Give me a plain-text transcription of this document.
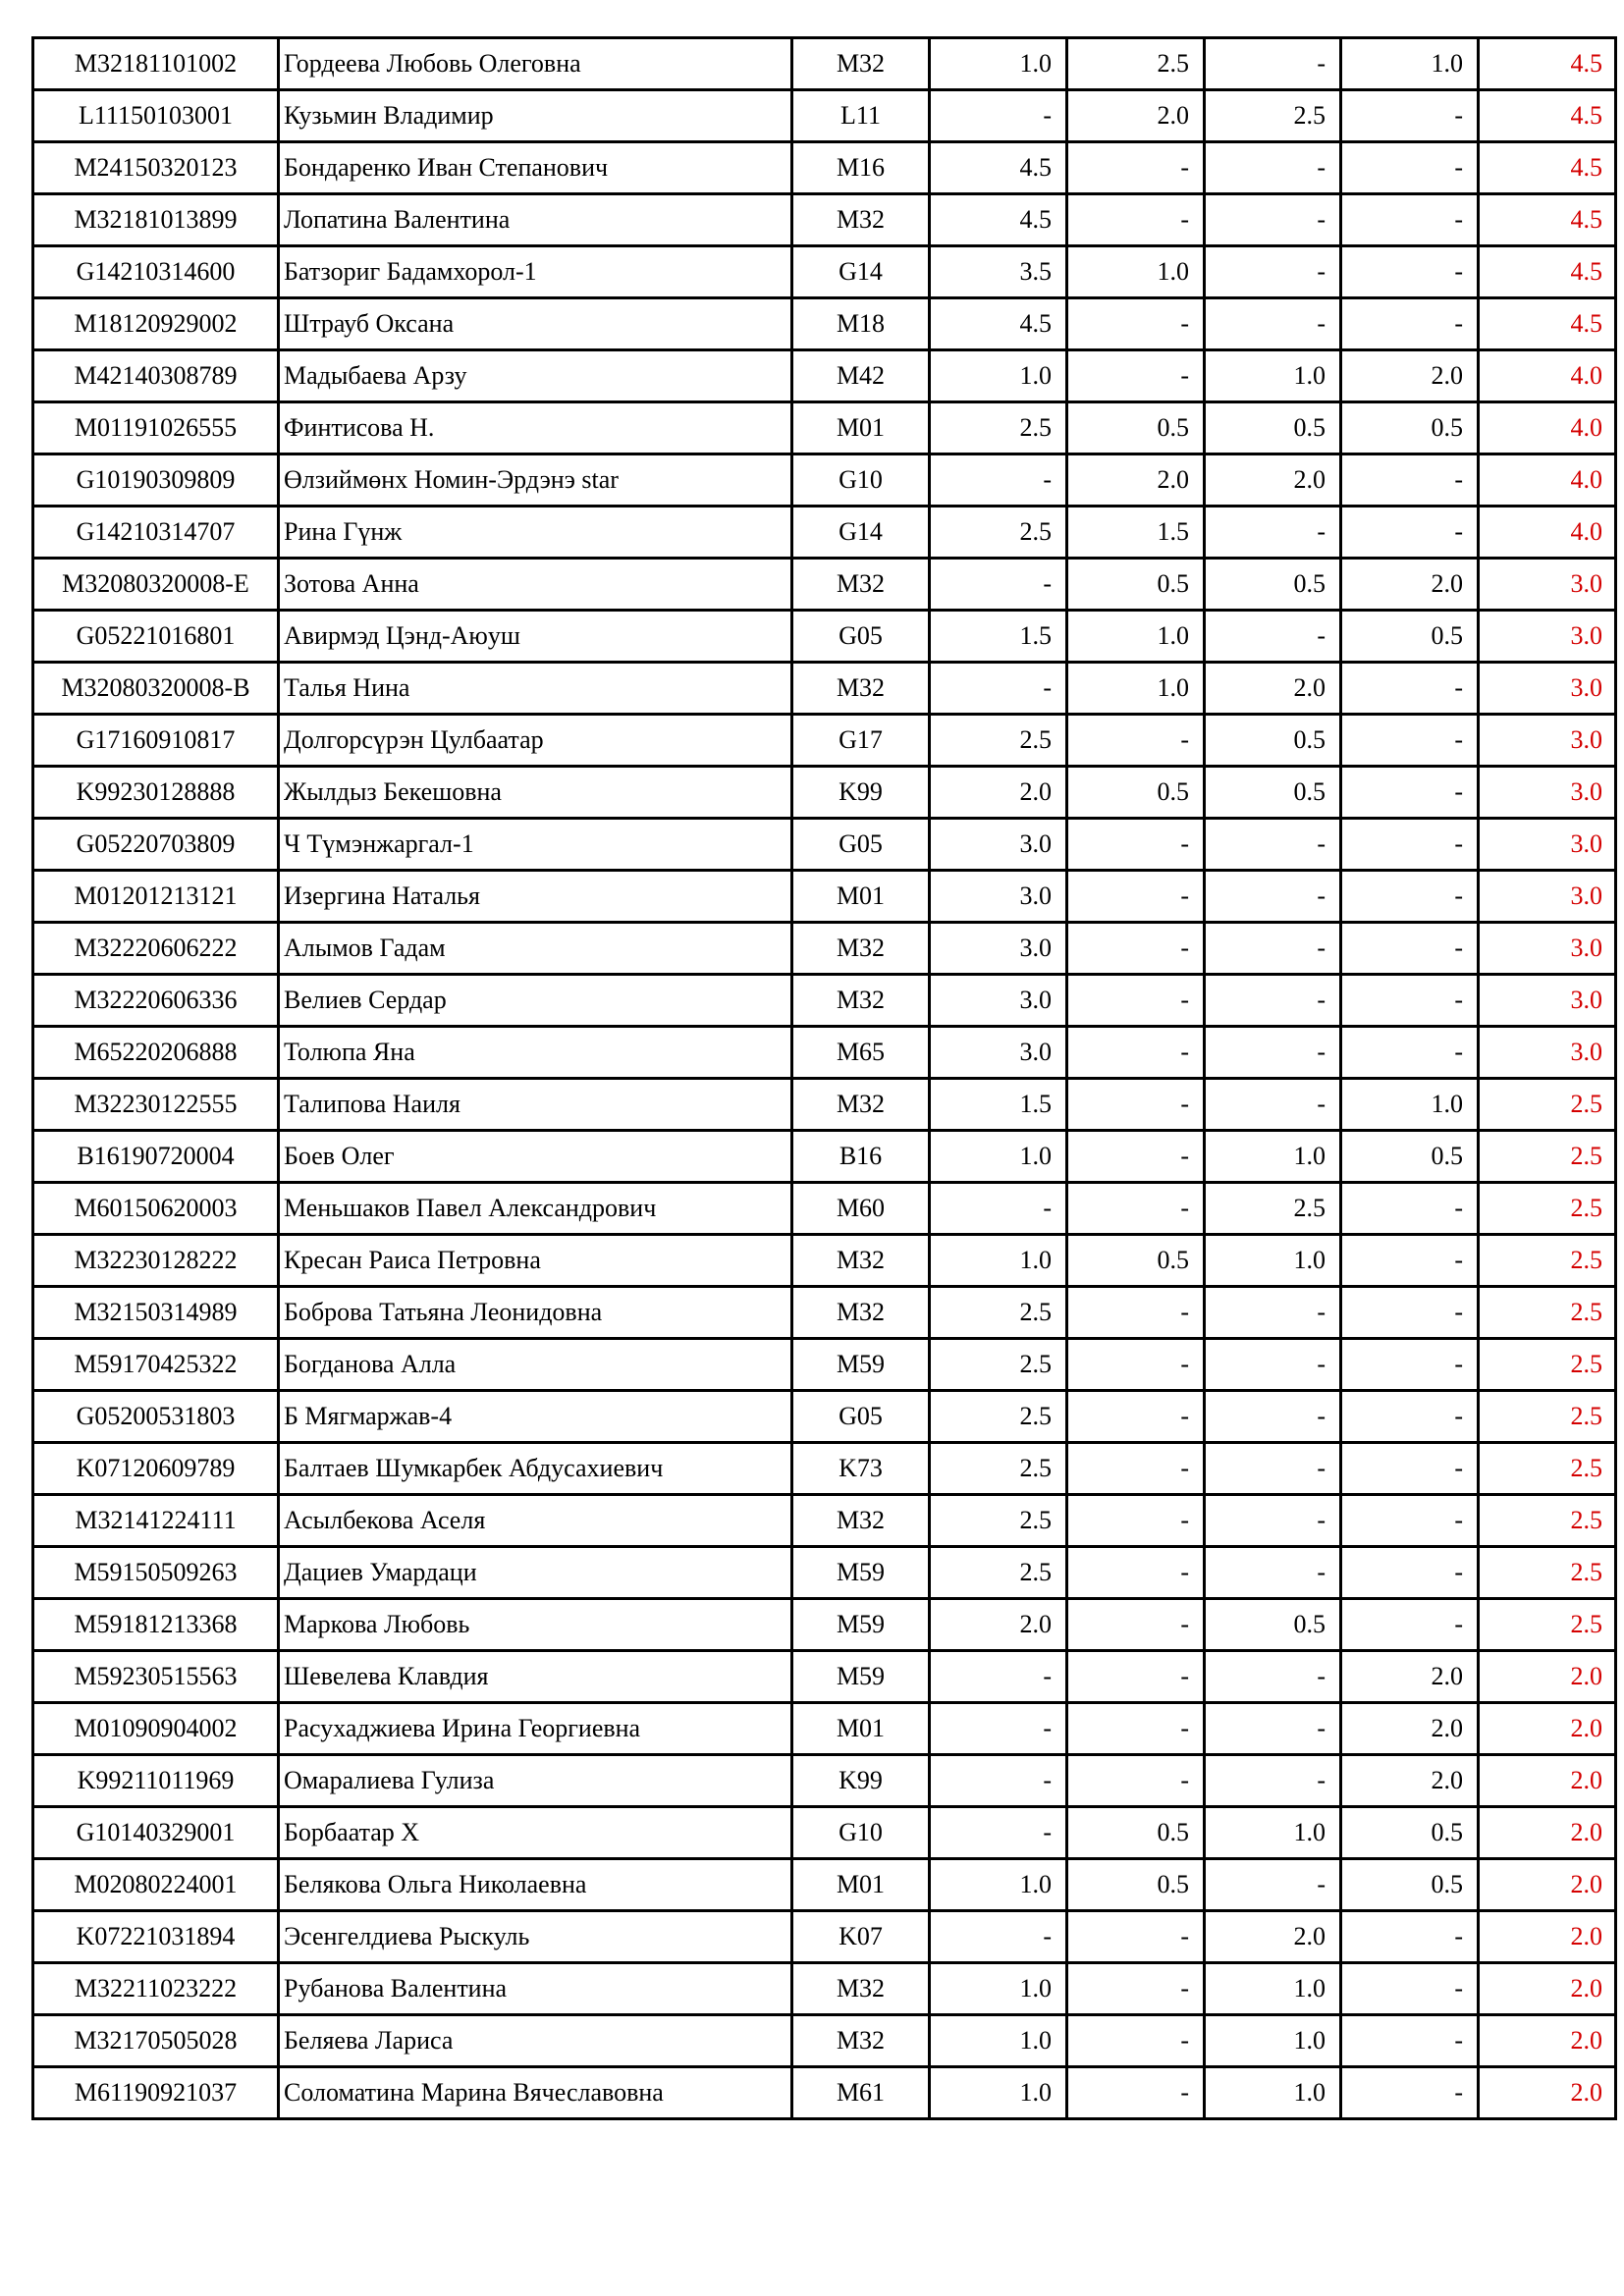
M32181101002	Гордеева Любовь Олеговна	M32	1.0	2.5	-	1.0	4.5
L11150103001	Кузьмин Владимир	L11	-	2.0	2.5	-	4.5
M24150320123	Бондаренко Иван Степанович	M16	4.5	-	-	-	4.5
M32181013899	Лопатина Валентина	M32	4.5	-	-	-	4.5
G14210314600	Батзориг Бадамхорол-1	G14	3.5	1.0	-	-	4.5
M18120929002	Штрауб Оксана	M18	4.5	-	-	-	4.5
M42140308789	Мадыбаева Арзу	M42	1.0	-	1.0	2.0	4.0
M01191026555	Финтисова Н.	M01	2.5	0.5	0.5	0.5	4.0
G10190309809	Өлзиймөнх Номин-Эрдэнэ star	G10	-	2.0	2.0	-	4.0
G14210314707	Рина Гүнж	G14	2.5	1.5	-	-	4.0
M32080320008-E	Зотова Анна	M32	-	0.5	0.5	2.0	3.0
G05221016801	Авирмэд Цэнд-Аюуш	G05	1.5	1.0	-	0.5	3.0
M32080320008-B	Талья Нина	M32	-	1.0	2.0	-	3.0
G17160910817	Долгорсүрэн Цулбаатар	G17	2.5	-	0.5	-	3.0
K99230128888	Жылдыз Бекешовна	K99	2.0	0.5	0.5	-	3.0
G05220703809	Ч Түмэнжаргал-1	G05	3.0	-	-	-	3.0
M01201213121	Изергина Наталья	M01	3.0	-	-	-	3.0
M32220606222	Алымов Гадам	M32	3.0	-	-	-	3.0
M32220606336	Велиев Сердар	M32	3.0	-	-	-	3.0
M65220206888	Толюпа Яна	M65	3.0	-	-	-	3.0
M32230122555	Талипова Наиля	M32	1.5	-	-	1.0	2.5
B16190720004	Боев Олег	B16	1.0	-	1.0	0.5	2.5
M60150620003	Меньшаков Павел Александрович	M60	-	-	2.5	-	2.5
M32230128222	Кресан Раиса Петровна	M32	1.0	0.5	1.0	-	2.5
M32150314989	Боброва Татьяна Леонидовна	M32	2.5	-	-	-	2.5
M59170425322	Богданова Алла	M59	2.5	-	-	-	2.5
G05200531803	Б Мягмаржав-4	G05	2.5	-	-	-	2.5
K07120609789	Балтаев Шумкарбек Абдусахиевич	K73	2.5	-	-	-	2.5
M32141224111	Асылбекова Аселя	M32	2.5	-	-	-	2.5
M59150509263	Дациев Умардаци	M59	2.5	-	-	-	2.5
M59181213368	Маркова Любовь	M59	2.0	-	0.5	-	2.5
M59230515563	Шевелева Клавдия	M59	-	-	-	2.0	2.0
M01090904002	Расухаджиева Ирина Георгиевна	M01	-	-	-	2.0	2.0
K99211011969	Омаралиева Гулиза	K99	-	-	-	2.0	2.0
G10140329001	Борбаатар Х	G10	-	0.5	1.0	0.5	2.0
M02080224001	Белякова Ольга Николаевна	M01	1.0	0.5	-	0.5	2.0
K07221031894	Эсенгелдиева Рыскуль	K07	-	-	2.0	-	2.0
M32211023222	Рубанова Валентина	M32	1.0	-	1.0	-	2.0
M32170505028	Беляева Лариса	M32	1.0	-	1.0	-	2.0
M61190921037	Соломатина Марина Вячеславовна	M61	1.0	-	1.0	-	2.0
